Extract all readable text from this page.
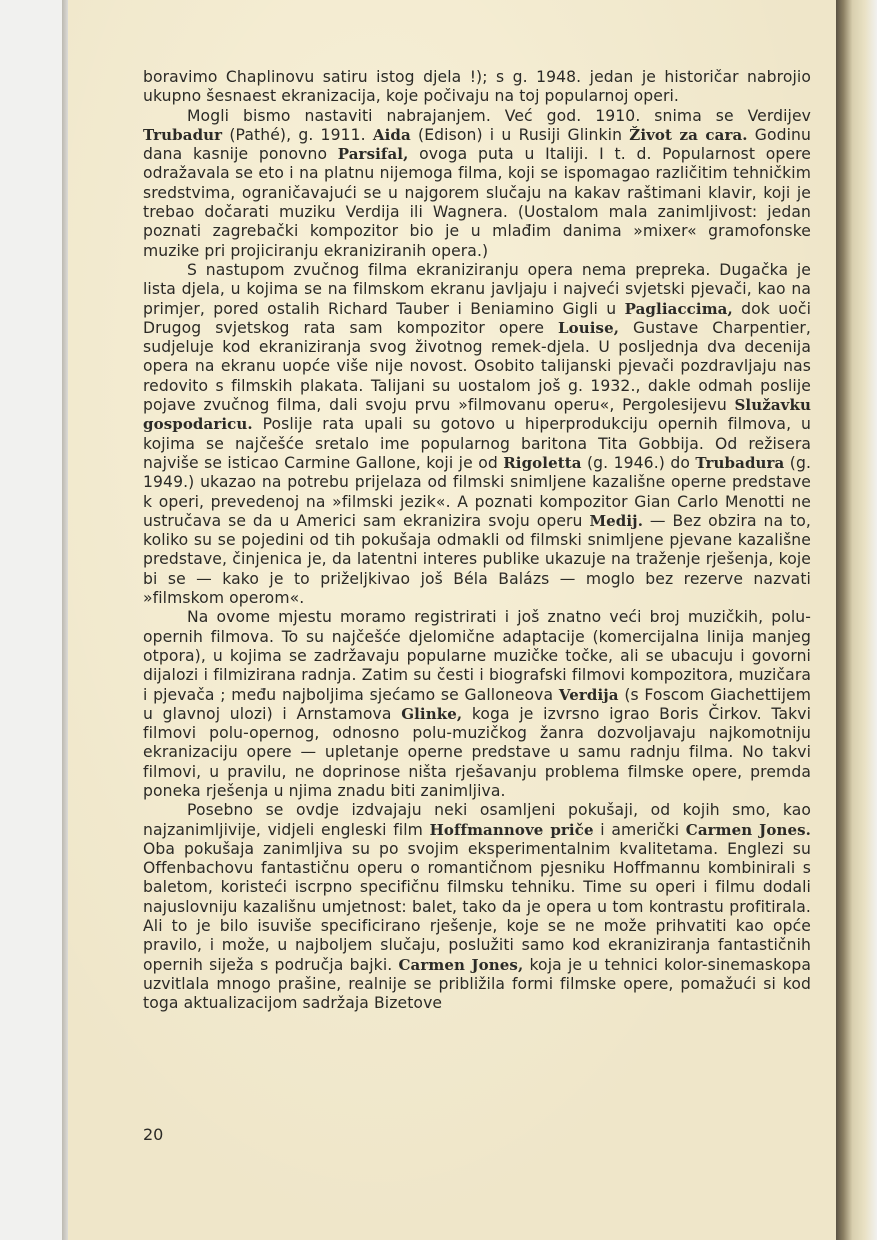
boravimo Chaplinovu satiru istog djela !); s g. 1948. jedan je historičar nabrojio ukupno šesnaest ekranizacija, koje počivaju na toj popularnoj operi.

Mogli bismo nastaviti nabrajanjem. Već god. 1910. snima se Verdijev Trubadur (Pathé), g. 1911. Aida (Edison) i u Rusiji Glinkin Život za cara. Godinu dana kasnije ponovno Parsifal, ovoga puta u Italiji. I t. d. Popularnost opere odražavala se eto i na platnu nijemoga filma, koji se ispomagao različitim tehničkim sredstvima, ograničavajući se u najgorem slučaju na kakav raštimani klavir, koji je trebao dočarati muziku Verdija ili Wagnera. (Uostalom mala zanimljivost: jedan poznati zagrebački kompozitor bio je u mlađim danima »mixer« gramofonske muzike pri projiciranju ekraniziranih opera.)

S nastupom zvučnog filma ekraniziranju opera nema prepreka. Dugačka je lista djela, u kojima se na filmskom ekranu javljaju i najveći svjetski pjevači, kao na primjer, pored ostalih Richard Tauber i Beniamino Gigli u Pagliaccima, dok uoči Drugog svjetskog rata sam kompozitor opere Louise, Gustave Charpentier, sudjeluje kod ekraniziranja svog životnog remek-djela. U posljednja dva decenija opera na ekranu uopće više nije novost. Osobito talijanski pjevači pozdravljaju nas redovito s filmskih plakata. Talijani su uostalom još g. 1932., dakle odmah poslije pojave zvučnog filma, dali svoju prvu »filmovanu operu«, Pergolesijevu Služavku gospodaricu. Poslije rata upali su gotovo u hiperprodukciju opernih filmova, u kojima se najčešće sretalo ime popularnog baritona Tita Gobbija. Od režisera najviše se isticao Carmine Gallone, koji je od Rigoletta (g. 1946.) do Trubadura (g. 1949.) ukazao na potrebu prijelaza od filmski snimljene kazališne operne predstave k operi, prevedenoj na »filmski jezik«. A poznati kompozitor Gian Carlo Menotti ne ustručava se da u Americi sam ekranizira svoju operu Medij. — Bez obzira na to, koliko su se pojedini od tih pokušaja odmakli od filmski snimljene pjevane kazališne predstave, činjenica je, da latentni interes publike ukazuje na traženje rješenja, koje bi se — kako je to priželjkivao još Béla Balázs — moglo bez rezerve nazvati »filmskom operom«.

Na ovome mjestu moramo registrirati i još znatno veći broj muzičkih, polu-opernih filmova. To su najčešće djelomične adaptacije (komercijalna linija manjeg otpora), u kojima se zadržavaju popularne muzičke točke, ali se ubacuju i govorni dijalozi i filmizirana radnja. Zatim su česti i biografski filmovi kompozitora, muzičara i pjevača ; među najboljima sjećamo se Galloneova Verdija (s Foscom Giachettijem u glavnoj ulozi) i Arnstamova Glinke, koga je izvrsno igrao Boris Čirkov. Takvi filmovi polu-opernog, odnosno polu-muzičkog žanra dozvoljavaju najkomotniju ekranizaciju opere — upletanje operne predstave u samu radnju filma. No takvi filmovi, u pravilu, ne doprinose ništa rješavanju problema filmske opere, premda poneka rješenja u njima znadu biti zanimljiva.

Posebno se ovdje izdvajaju neki osamljeni pokušaji, od kojih smo, kao najzanimljivije, vidjeli engleski film Hoffmannove priče i američki Carmen Jones. Oba pokušaja zanimljiva su po svojim eksperimentalnim kvalitetama. Englezi su Offenbachovu fantastičnu operu o romantičnom pjesniku Hoffmannu kombinirali s baletom, koristeći iscrpno specifičnu filmsku tehniku. Time su operi i filmu dodali najuslovniju kazališnu umjetnost: balet, tako da je opera u tom kontrastu profitirala. Ali to je bilo isuviše specificirano rješenje, koje se ne može prihvatiti kao opće pravilo, i može, u najboljem slučaju, poslužiti samo kod ekraniziranja fantastičnih opernih siježa s područja bajki. Carmen Jones, koja je u tehnici kolor-sinemaskopa uzvitlala mnogo prašine, realnije se približila formi filmske opere, pomažući si kod toga aktualizacijom sadržaja Bizetove

20
